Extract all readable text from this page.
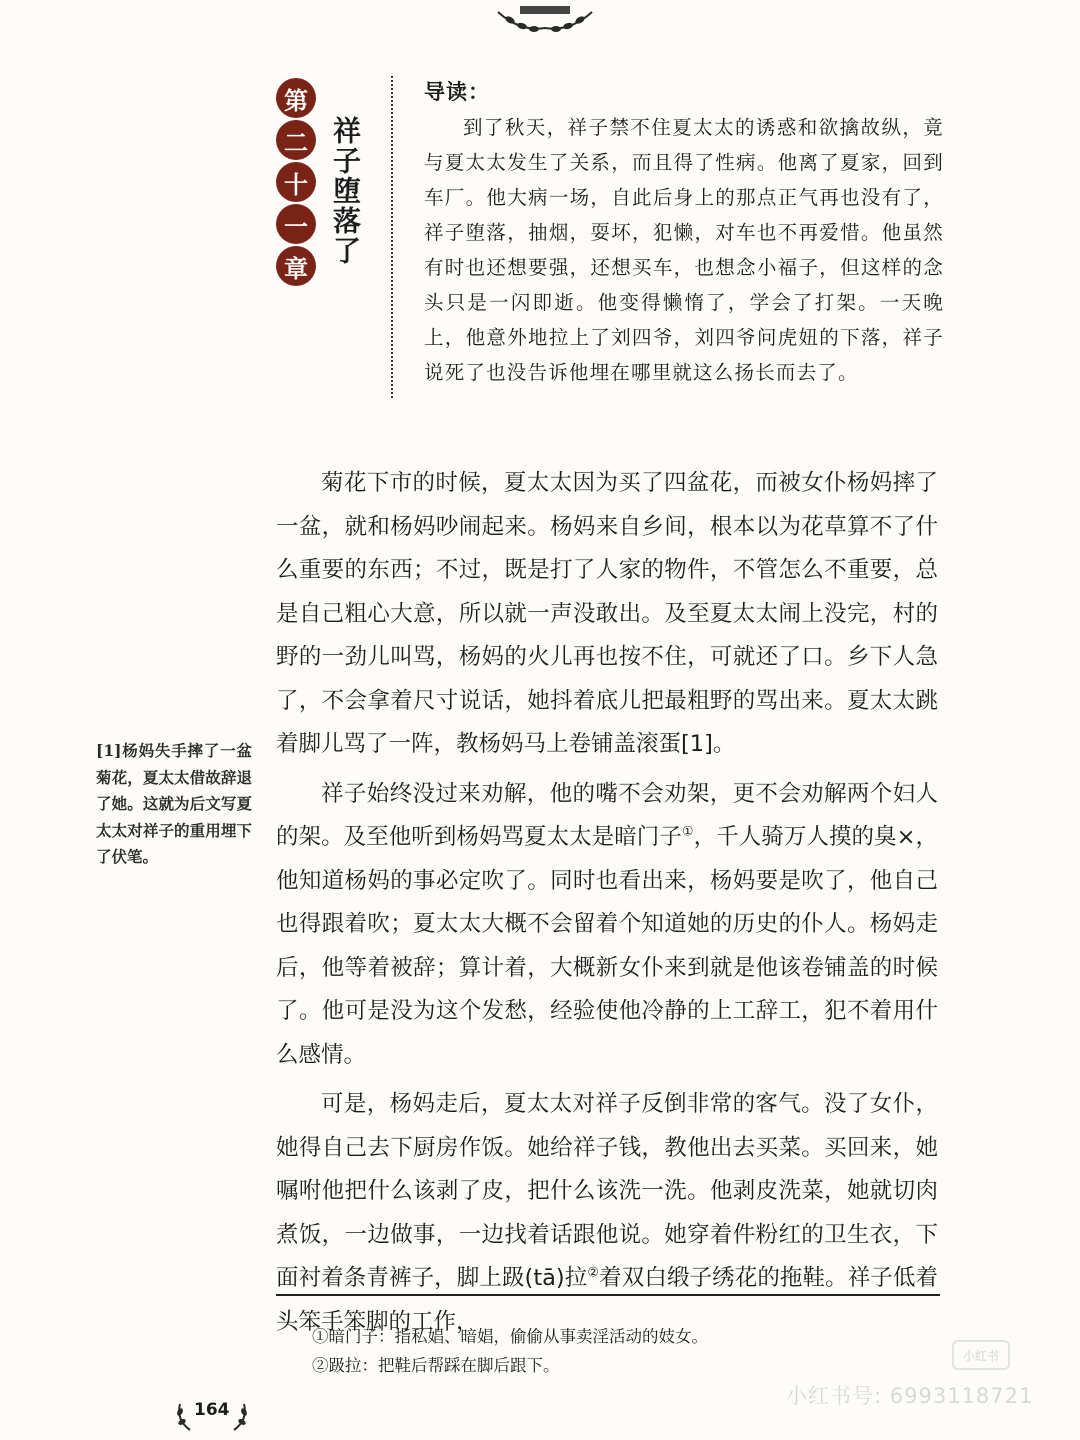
第
二
十
一
章
祥子堕落了
导读：

到了秋天，祥子禁不住夏太太的诱惑和欲擒故纵，竟与夏太太发生了关系，而且得了性病。他离了夏家，回到车厂。他大病一场，自此后身上的那点正气再也没有了，祥子堕落，抽烟，耍坏，犯懒，对车也不再爱惜。他虽然有时也还想要强，还想买车，也想念小福子，但这样的念头只是一闪即逝。他变得懒惰了，学会了打架。一天晚上，他意外地拉上了刘四爷，刘四爷问虎妞的下落，祥子说死了也没告诉他埋在哪里就这么扬长而去了。

菊花下市的时候，夏太太因为买了四盆花，而被女仆杨妈摔了一盆，就和杨妈吵闹起来。杨妈来自乡间，根本以为花草算不了什么重要的东西；不过，既是打了人家的物件，不管怎么不重要，总是自己粗心大意，所以就一声没敢出。及至夏太太闹上没完，村的野的一劲儿叫骂，杨妈的火儿再也按不住，可就还了口。乡下人急了，不会拿着尺寸说话，她抖着底儿把最粗野的骂出来。夏太太跳着脚儿骂了一阵，教杨妈马上卷铺盖滚蛋[1]。

祥子始终没过来劝解，他的嘴不会劝架，更不会劝解两个妇人的架。及至他听到杨妈骂夏太太是暗门子①，千人骑万人摸的臭×，他知道杨妈的事必定吹了。同时也看出来，杨妈要是吹了，他自己也得跟着吹；夏太太大概不会留着个知道她的历史的仆人。杨妈走后，他等着被辞；算计着，大概新女仆来到就是他该卷铺盖的时候了。他可是没为这个发愁，经验使他冷静的上工辞工，犯不着用什么感情。

可是，杨妈走后，夏太太对祥子反倒非常的客气。没了女仆，她得自己去下厨房作饭。她给祥子钱，教他出去买菜。买回来，她嘱咐他把什么该剥了皮，把什么该洗一洗。他剥皮洗菜，她就切肉煮饭，一边做事，一边找着话跟他说。她穿着件粉红的卫生衣，下面衬着条青裤子，脚上趿(tā)拉②着双白缎子绣花的拖鞋。祥子低着头笨手笨脚的工作，

[1]杨妈失手摔了一盆菊花，夏太太借故辞退了她。这就为后文写夏太太对祥子的重用埋下了伏笔。
①暗门子：指私娼、暗娼，偷偷从事卖淫活动的妓女。
②趿拉：把鞋后帮踩在脚后跟下。
164
小红书
小红书号: 6993118721
